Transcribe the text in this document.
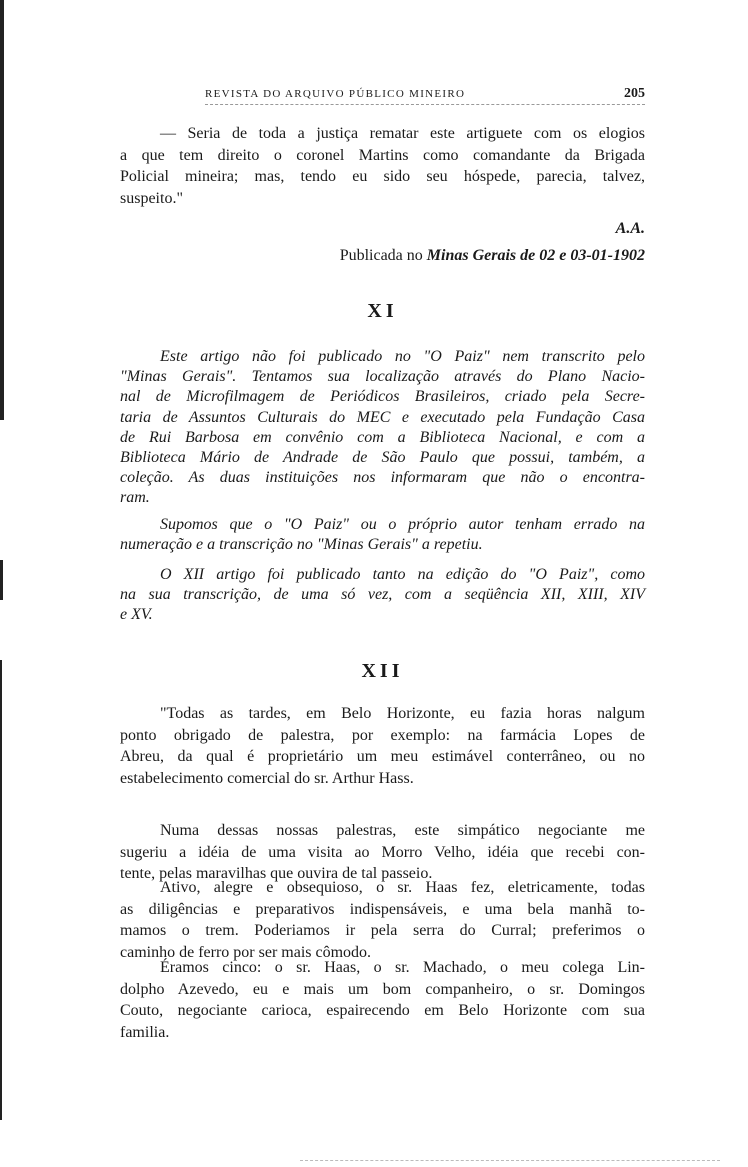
REVISTA DO ARQUIVO PÚBLICO MINEIRO	205
— Seria de toda a justiça rematar este artiguete com os elogios
a que tem direito o coronel Martins como comandante da Brigada
Policial mineira; mas, tendo eu sido seu hóspede, parecia, talvez,
suspeito."
A.A.
Publicada no Minas Gerais de 02 e 03-01-1902
XI
Este artigo não foi publicado no "O Paiz" nem transcrito pelo
"Minas Gerais". Tentamos sua localização através do Plano Nacio-
nal de Microfilmagem de Periódicos Brasileiros, criado pela Secre-
taria de Assuntos Culturais do MEC e executado pela Fundação Casa
de Rui Barbosa em convênio com a Biblioteca Nacional, e com a
Biblioteca Mário de Andrade de São Paulo que possui, também, a
coleção. As duas instituições nos informaram que não o encontra-
ram.
Supomos que o "O Paiz" ou o próprio autor tenham errado na
numeração e a transcrição no "Minas Gerais" a repetiu.
O XII artigo foi publicado tanto na edição do "O Paiz", como
na sua transcrição, de uma só vez, com a seqüência XII, XIII, XIV
e XV.
XII
"Todas as tardes, em Belo Horizonte, eu fazia horas nalgum
ponto obrigado de palestra, por exemplo: na farmácia Lopes de
Abreu, da qual é proprietário um meu estimável conterrâneo, ou no
estabelecimento comercial do sr. Arthur Hass.
Numa dessas nossas palestras, este simpático negociante me
sugeriu a idéia de uma visita ao Morro Velho, idéia que recebi con-
tente, pelas maravilhas que ouvira de tal passeio.
Ativo, alegre e obsequioso, o sr. Haas fez, eletricamente, todas
as diligências e preparativos indispensáveis, e uma bela manhã to-
mamos o trem. Poderiamos ir pela serra do Curral; preferimos o
caminho de ferro por ser mais cômodo.
Éramos cinco: o sr. Haas, o sr. Machado, o meu colega Lin-
dolpho Azevedo, eu e mais um bom companheiro, o sr. Domingos
Couto, negociante carioca, espairecendo em Belo Horizonte com sua
familia.
